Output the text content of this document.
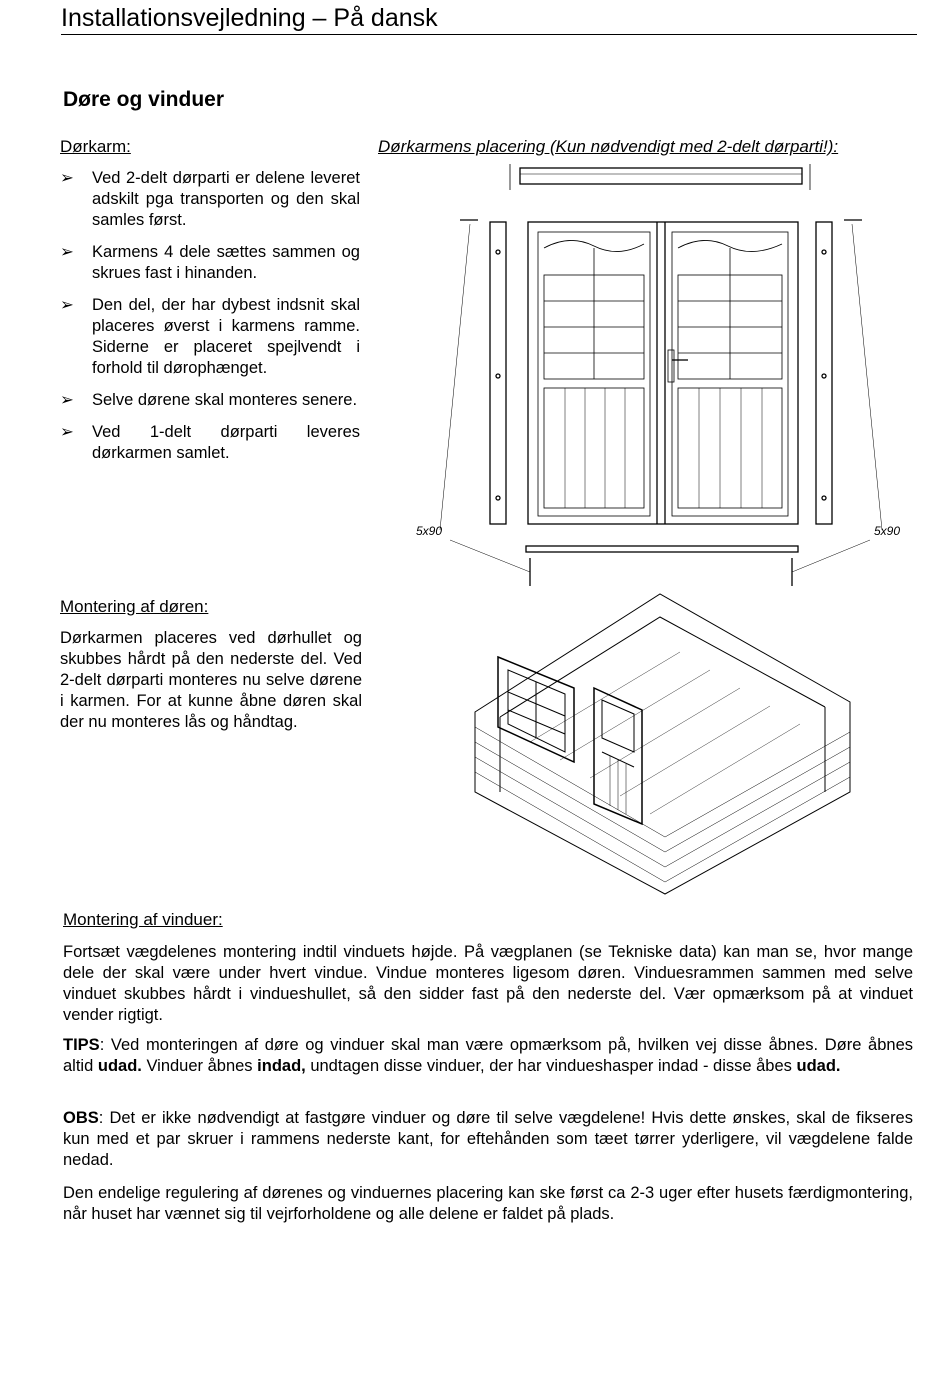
Installationsvejledning – På dansk
Døre og vinduer
Dørkarm:
➢ Ved 2-delt dørparti er delene leveret adskilt pga transporten og den skal samles først.
➢ Karmens 4 dele sættes sammen og skrues fast i hinanden.
➢ Den del, der har dybest indsnit skal placeres øverst i karmens ramme. Siderne er placeret spejlvendt i forhold til dørophænget.
➢ Selve dørene skal monteres senere.
➢ Ved 1-delt dørparti leveres dørkarmen samlet.
Dørkarmens placering (Kun nødvendigt med 2-delt dørparti!):
5x90	5x90
Montering af døren:

Dørkarmen placeres ved dørhullet og skubbes hårdt på den nederste del. Ved 2-delt dørparti monteres nu selve dørene i karmen. For at kunne åbne døren skal der nu monteres lås og håndtag.

Montering af vinduer:

Fortsæt vægdelenes montering indtil vinduets højde. På vægplanen (se Tekniske data) kan man se, hvor mange dele der skal være under hvert vindue. Vindue monteres ligesom døren. Vinduesrammen sammen med selve vinduet skubbes hårdt i vindueshullet, så den sidder fast på den nederste del. Vær opmærksom på at vinduet vender rigtigt.

TIPS: Ved monteringen af døre og vinduer skal man være opmærksom på, hvilken vej disse åbnes. Døre åbnes altid udad. Vinduer åbnes indad, undtagen disse vinduer, der har vindueshasper indad - disse åbes udad.

OBS: Det er ikke nødvendigt at fastgøre vinduer og døre til selve vægdelene! Hvis dette ønskes, skal de fikseres kun med et par skruer i rammens nederste kant, for eftehånden som tæet tørrer yderligere, vil vægdelene falde nedad.

Den endelige regulering af dørenes og vinduernes placering kan ske først ca 2-3 uger efter husets færdigmontering, når huset har vænnet sig til vejrforholdene og alle delene er faldet på plads.
